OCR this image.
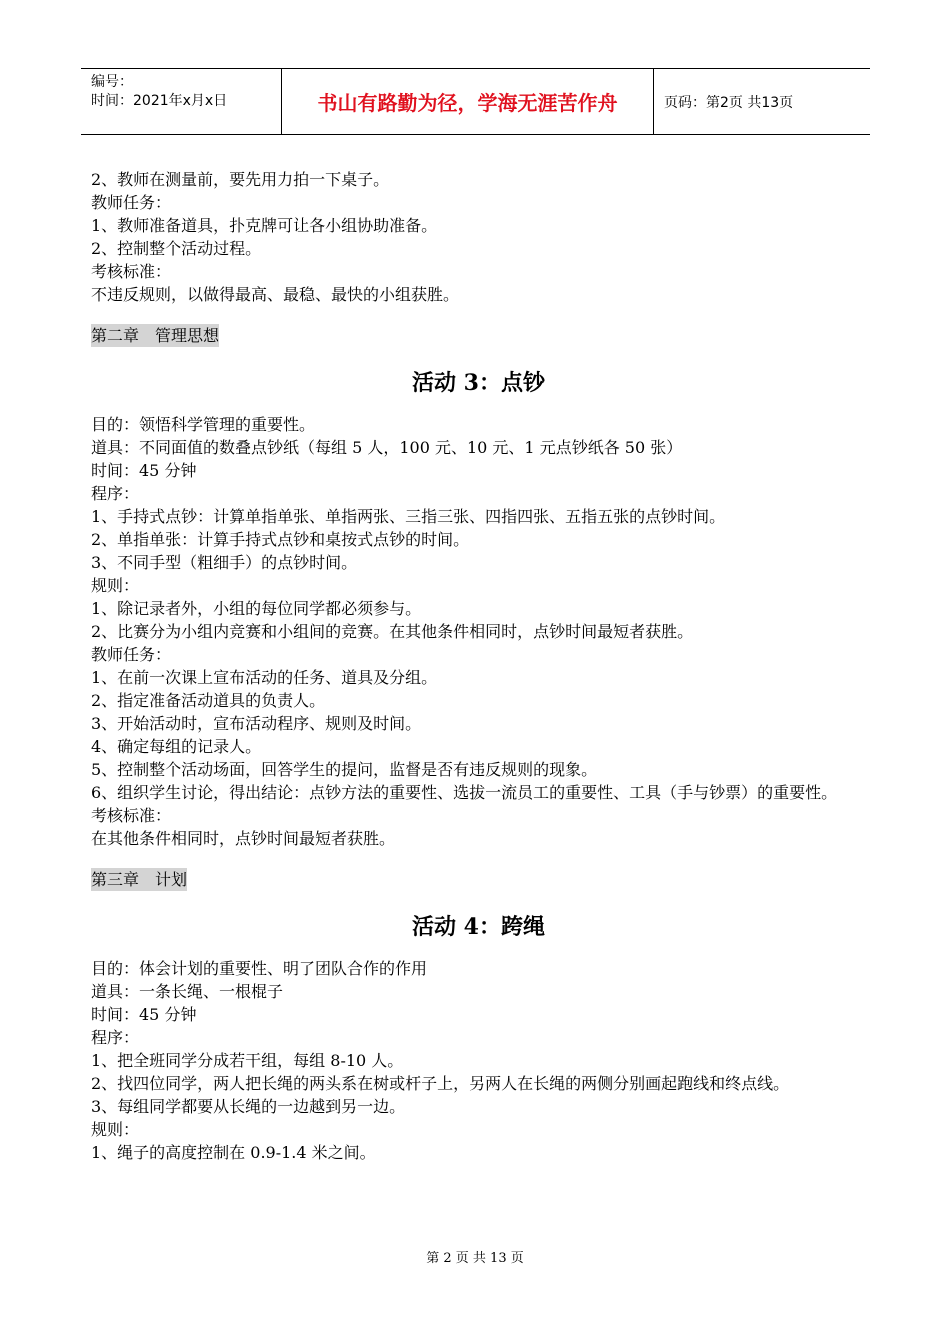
编号：
时间：2021年x月x日	书山有路勤为径，学海无涯苦作舟	页码：第2页 共13页

2、教师在测量前，要先用力拍一下桌子。

教师任务：

1、教师准备道具，扑克牌可让各小组协助准备。

2、控制整个活动过程。

考核标准：

不违反规则，以做得最高、最稳、最快的小组获胜。

第二章　管理思想
活动 3：点钞

目的：领悟科学管理的重要性。

道具：不同面值的数叠点钞纸（每组 5 人，100 元、10 元、1 元点钞纸各 50 张）

时间：45 分钟

程序：

1、手持式点钞：计算单指单张、单指两张、三指三张、四指四张、五指五张的点钞时间。

2、单指单张：计算手持式点钞和桌按式点钞的时间。

3、不同手型（粗细手）的点钞时间。

规则：

1、除记录者外，小组的每位同学都必须参与。

2、比赛分为小组内竞赛和小组间的竞赛。在其他条件相同时，点钞时间最短者获胜。

教师任务：

1、在前一次课上宣布活动的任务、道具及分组。

2、指定准备活动道具的负责人。

3、开始活动时，宣布活动程序、规则及时间。

4、确定每组的记录人。

5、控制整个活动场面，回答学生的提问，监督是否有违反规则的现象。

6、组织学生讨论，得出结论：点钞方法的重要性、选拔一流员工的重要性、工具（手与钞票）的重要性。

考核标准：

在其他条件相同时，点钞时间最短者获胜。

第三章　计划
活动 4：跨绳

目的：体会计划的重要性、明了团队合作的作用

道具：一条长绳、一根棍子

时间：45 分钟

程序：

1、把全班同学分成若干组，每组 8-10 人。

2、找四位同学，两人把长绳的两头系在树或杆子上，另两人在长绳的两侧分别画起跑线和终点线。

3、每组同学都要从长绳的一边越到另一边。

规则：

1、绳子的高度控制在 0.9-1.4 米之间。

第 2 页 共 13 页
